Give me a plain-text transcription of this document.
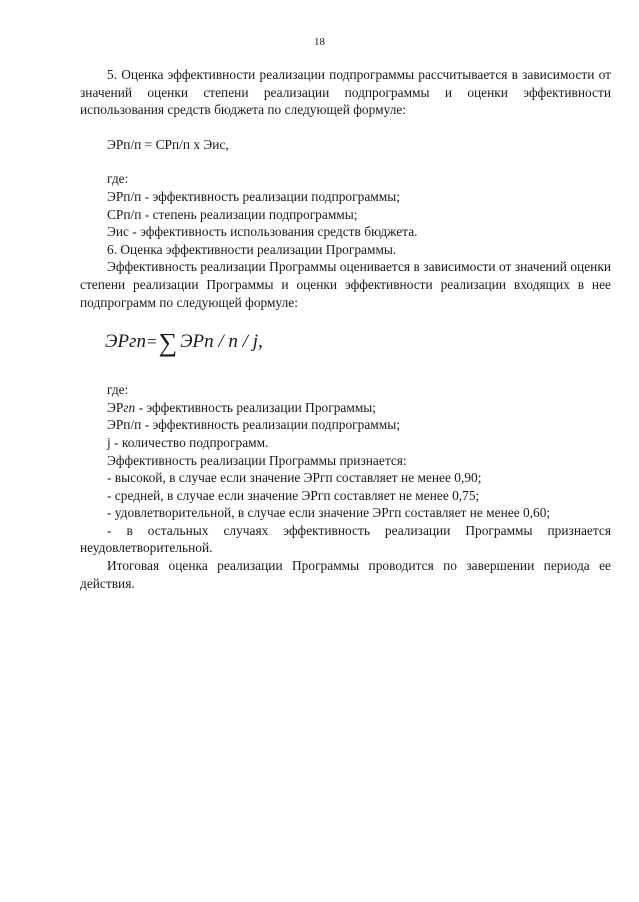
18

5. Оценка эффективности реализации подпрограммы рассчитывается в зависимости от значений оценки степени реализации подпрограммы и оценки эффективности использования средств бюджета по следующей формуле:

ЭРп/п = СРп/п х Эис,

где:

ЭРп/п - эффективность реализации подпрограммы;

СРп/п - степень реализации подпрограммы;

Эис - эффективность использования средств бюджета.

6. Оценка эффективности реализации Программы.

Эффективность реализации Программы оценивается в зависимости от значений оценки степени реализации Программы и оценки эффективности реализации входящих в нее подпрограмм по следующей формуле:

ЭРгп = ∑ ЭРп / п / j,

где:

ЭРгп - эффективность реализации Программы;

ЭРп/п - эффективность реализации подпрограммы;

j - количество подпрограмм.

Эффективность реализации Программы признается:

- высокой, в случае если значение ЭРгп составляет не менее 0,90;

- средней, в случае если значение ЭРгп составляет не менее 0,75;

- удовлетворительной, в случае если значение ЭРгп составляет не менее 0,60;

- в остальных случаях эффективность реализации Программы признается неудовлетворительной.

Итоговая оценка реализации Программы проводится по завершении периода ее действия.
